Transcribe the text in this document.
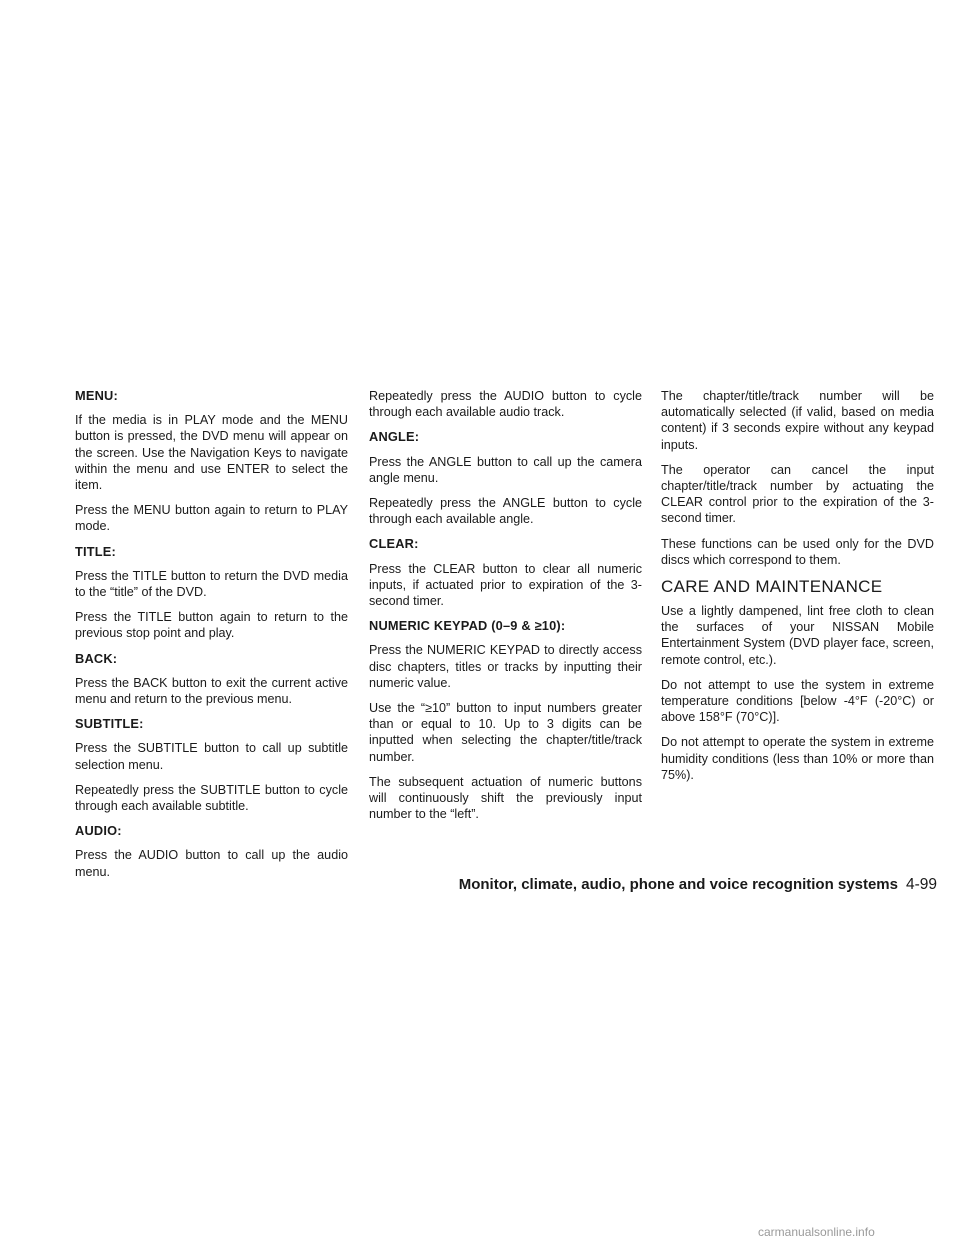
MENU:

If the media is in PLAY mode and the MENU button is pressed, the DVD menu will appear on the screen. Use the Navigation Keys to navigate within the menu and use ENTER to select the item.

Press the MENU button again to return to PLAY mode.

TITLE:

Press the TITLE button to return the DVD media to the “title” of the DVD.

Press the TITLE button again to return to the previous stop point and play.

BACK:

Press the BACK button to exit the current active menu and return to the previous menu.

SUBTITLE:

Press the SUBTITLE button to call up subtitle selection menu.

Repeatedly press the SUBTITLE button to cycle through each available subtitle.

AUDIO:

Press the AUDIO button to call up the audio menu.

Repeatedly press the AUDIO button to cycle through each available audio track.

ANGLE:

Press the ANGLE button to call up the camera angle menu.

Repeatedly press the ANGLE button to cycle through each available angle.

CLEAR:

Press the CLEAR button to clear all numeric inputs, if actuated prior to expiration of the 3-second timer.

NUMERIC KEYPAD (0–9 & ≥10):

Press the NUMERIC KEYPAD to directly access disc chapters, titles or tracks by inputting their numeric value.

Use the “≥10” button to input numbers greater than or equal to 10. Up to 3 digits can be inputted when selecting the chapter/title/track number.

The subsequent actuation of numeric buttons will continuously shift the previously input number to the “left”.

The chapter/title/track number will be automatically selected (if valid, based on media content) if 3 seconds expire without any keypad inputs.

The operator can cancel the input chapter/title/track number by actuating the CLEAR control prior to the expiration of the 3-second timer.

These functions can be used only for the DVD discs which correspond to them.

CARE AND MAINTENANCE

Use a lightly dampened, lint free cloth to clean the surfaces of your NISSAN Mobile Entertainment System (DVD player face, screen, remote control, etc.).

Do not attempt to use the system in extreme temperature conditions [below -4°F (-20°C) or above 158°F (70°C)].

Do not attempt to operate the system in extreme humidity conditions (less than 10% or more than 75%).

Monitor, climate, audio, phone and voice recognition systems 4-99
carmanualsonline.info
